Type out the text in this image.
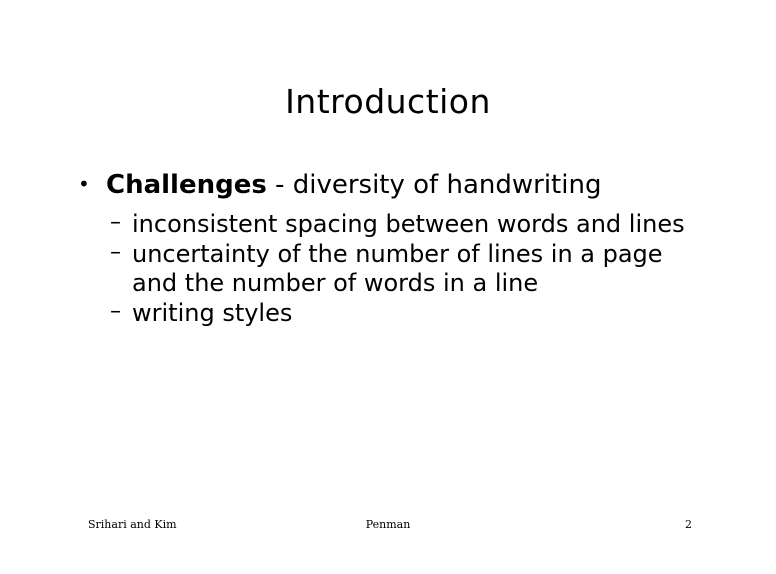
Introduction
• Challenges - diversity of handwriting
– inconsistent spacing between words and lines
– uncertainty of the number of lines in a page and the number of words in a line
– writing styles
Srihari and Kim	Penman	2
